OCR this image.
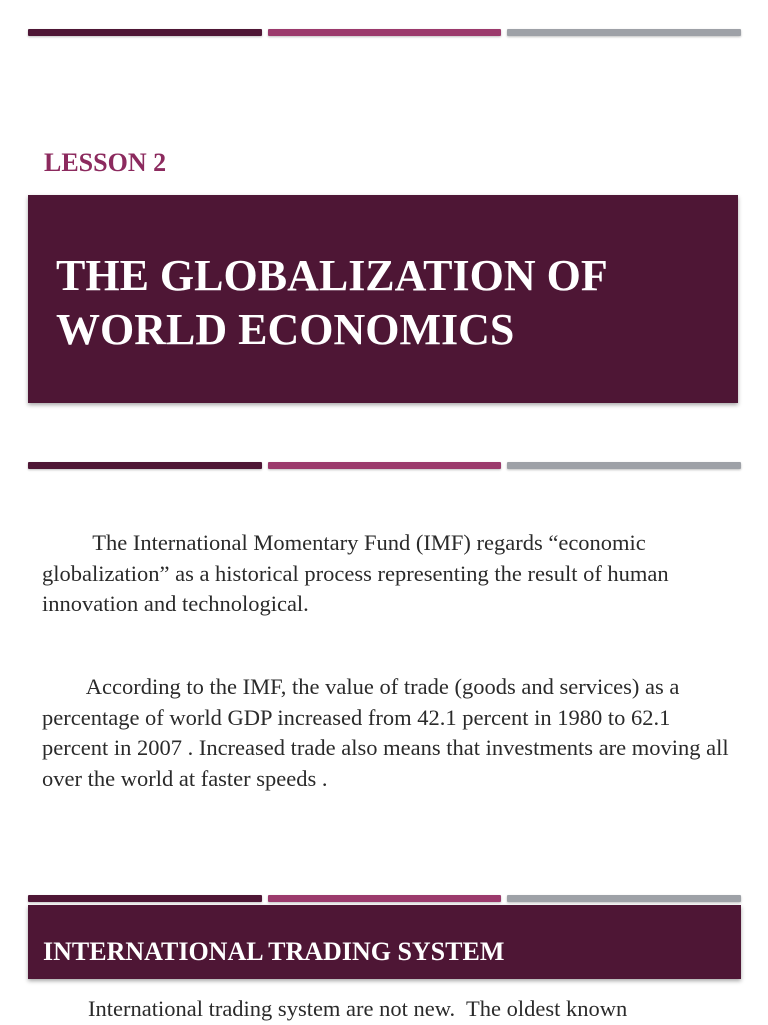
LESSON 2
THE GLOBALIZATION OF WORLD ECONOMICS
The International Momentary Fund (IMF) regards “economic globalization” as a historical process representing the result of human innovation and technological.
According to the IMF, the value of trade (goods and services) as a percentage of world GDP increased from 42.1 percent in 1980 to 62.1 percent in 2007 . Increased trade also means that investments are moving all over the world at faster speeds .
INTERNATIONAL TRADING SYSTEM
International trading system are not new.  The oldest known
